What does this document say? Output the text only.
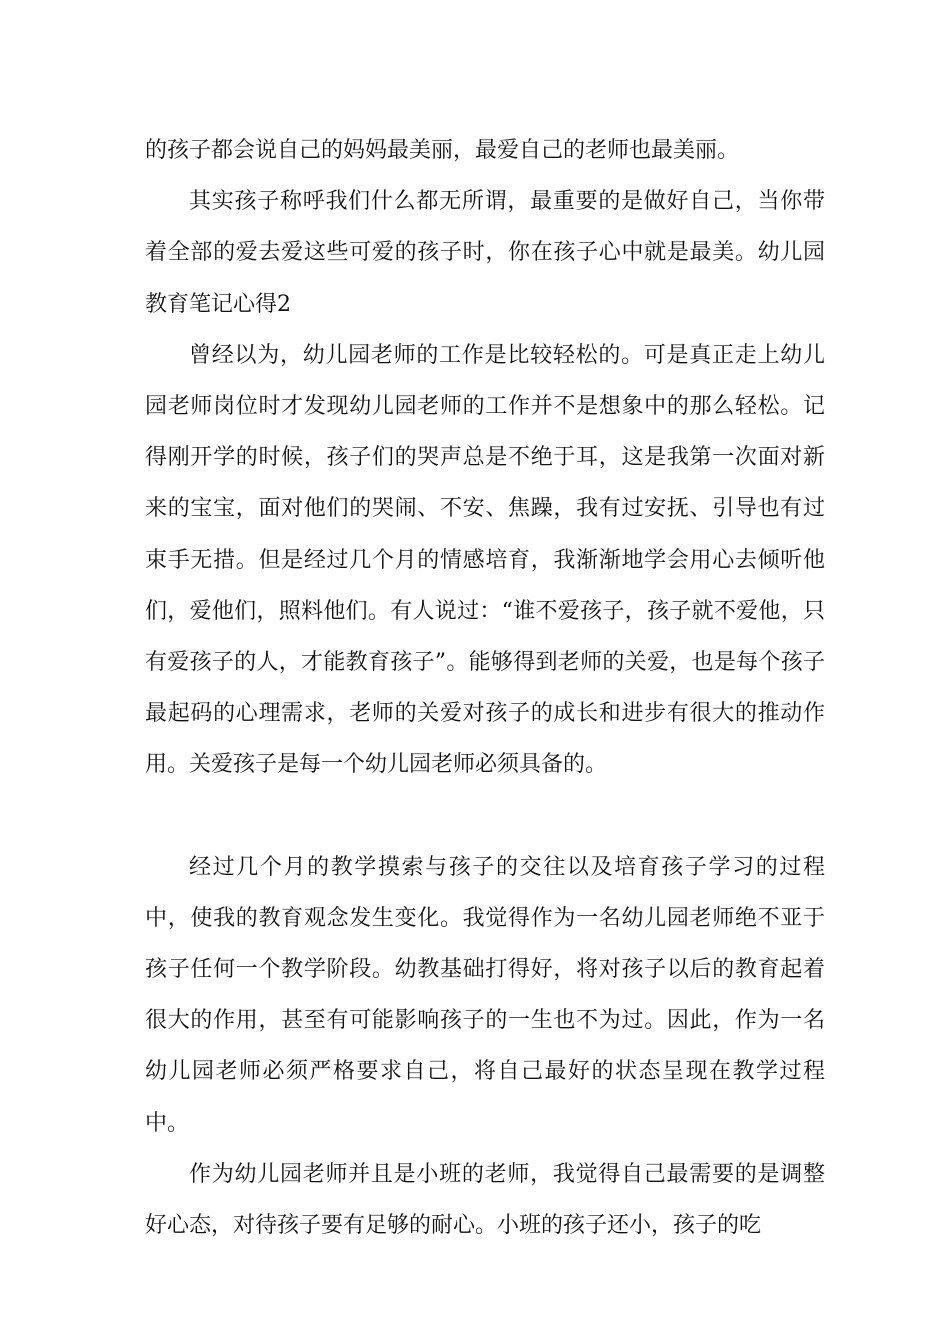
的孩子都会说自己的妈妈最美丽，最爱自己的老师也最美丽。

其实孩子称呼我们什么都无所谓，最重要的是做好自己，当你带着全部的爱去爱这些可爱的孩子时，你在孩子心中就是最美。幼儿园教育笔记心得2

曾经以为，幼儿园老师的工作是比较轻松的。可是真正走上幼儿园老师岗位时才发现幼儿园老师的工作并不是想象中的那么轻松。记得刚开学的时候，孩子们的哭声总是不绝于耳，这是我第一次面对新来的宝宝，面对他们的哭闹、不安、焦躁，我有过安抚、引导也有过束手无措。但是经过几个月的情感培育，我渐渐地学会用心去倾听他们，爱他们，照料他们。有人说过：“谁不爱孩子，孩子就不爱他，只有爱孩子的人，才能教育孩子”。能够得到老师的关爱，也是每个孩子最起码的心理需求，老师的关爱对孩子的成长和进步有很大的推动作用。关爱孩子是每一个幼儿园老师必须具备的。

经过几个月的教学摸索与孩子的交往以及培育孩子学习的过程中，使我的教育观念发生变化。我觉得作为一名幼儿园老师绝不亚于孩子任何一个教学阶段。幼教基础打得好，将对孩子以后的教育起着很大的作用，甚至有可能影响孩子的一生也不为过。因此，作为一名幼儿园老师必须严格要求自己，将自己最好的状态呈现在教学过程中。

作为幼儿园老师并且是小班的老师，我觉得自己最需要的是调整好心态，对待孩子要有足够的耐心。小班的孩子还小，孩子的吃
